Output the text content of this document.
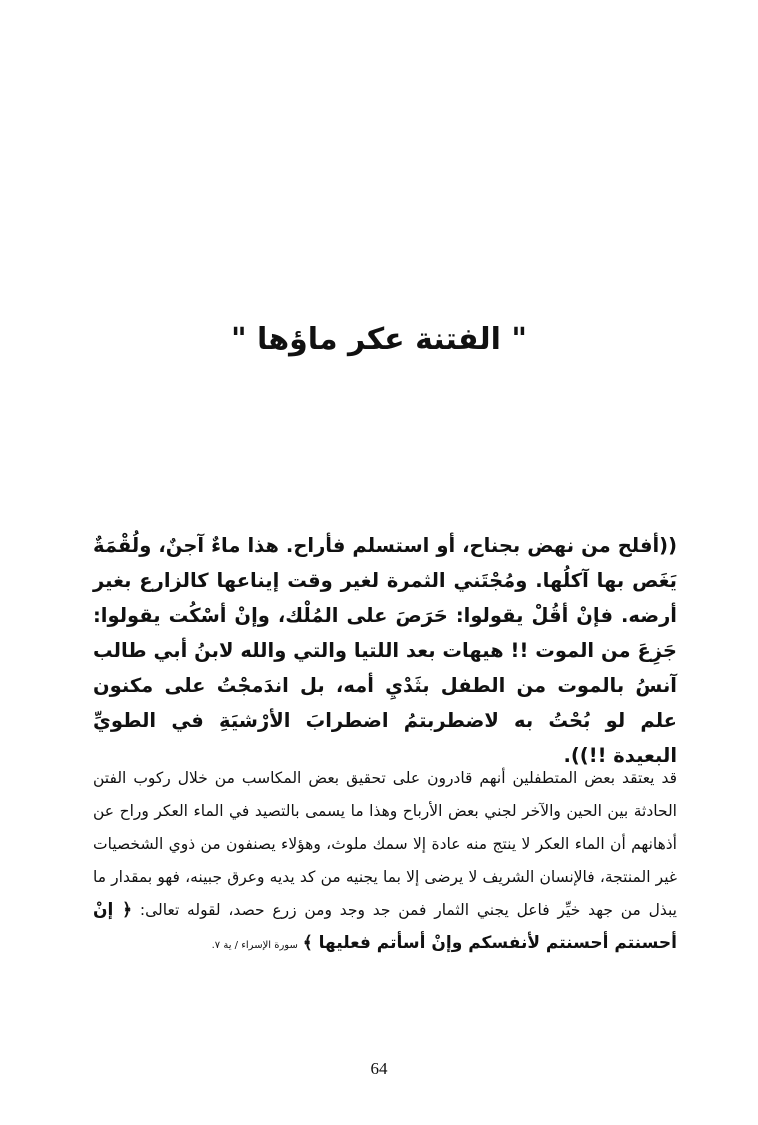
" الفتنة عكر ماؤها "

((أفلح من نهض بجناح، أو استسلم فأراح. هذا ماءٌ آجنٌ، ولُقْمَةٌ يَغَص بها آكلُها. ومُجْتَني الثمرة لغير وقت إيناعها كالزارع بغير أرضه. فإنْ أقُلْ يقولوا: حَرَصَ على المُلْك، وإنْ أسْكُت يقولوا: جَزِعَ من الموت !! هيهات بعد اللتيا والتي والله لابنُ أبي طالب آنسُ بالموت من الطفل بثَدْيِ أمه، بل اندَمجْتُ على مكنون علم لو بُحْتُ به لاضطربتمُ اضطرابَ الأرْشيَةِ في الطويِّ البعيدة !!)).

قد يعتقد بعض المتطفلين أنهم قادرون على تحقيق بعض المكاسب من خلال ركوب الفتن الحادثة بين الحين والآخر لجني بعض الأرباح وهذا ما يسمى بالتصيد في الماء العكر وراح عن أذهانهم أن الماء العكر لا ينتج منه عادة إلا سمك ملوث، وهؤلاء يصنفون من ذوي الشخصيات غير المنتجة، فالإنسان الشريف لا يرضى إلا بما يجنيه من كد يديه وعرق جبينه، فهو بمقدار ما يبذل من جهد خيِّر فاعل يجني الثمار فمن جد وجد ومن زرع حصد، لقوله تعالى: ﴿ إنْ أحسنتم أحسنتم لأنفسكم وإنْ أسأتم فعليها ﴾ سورة الإسراء / ية ٧.

64
